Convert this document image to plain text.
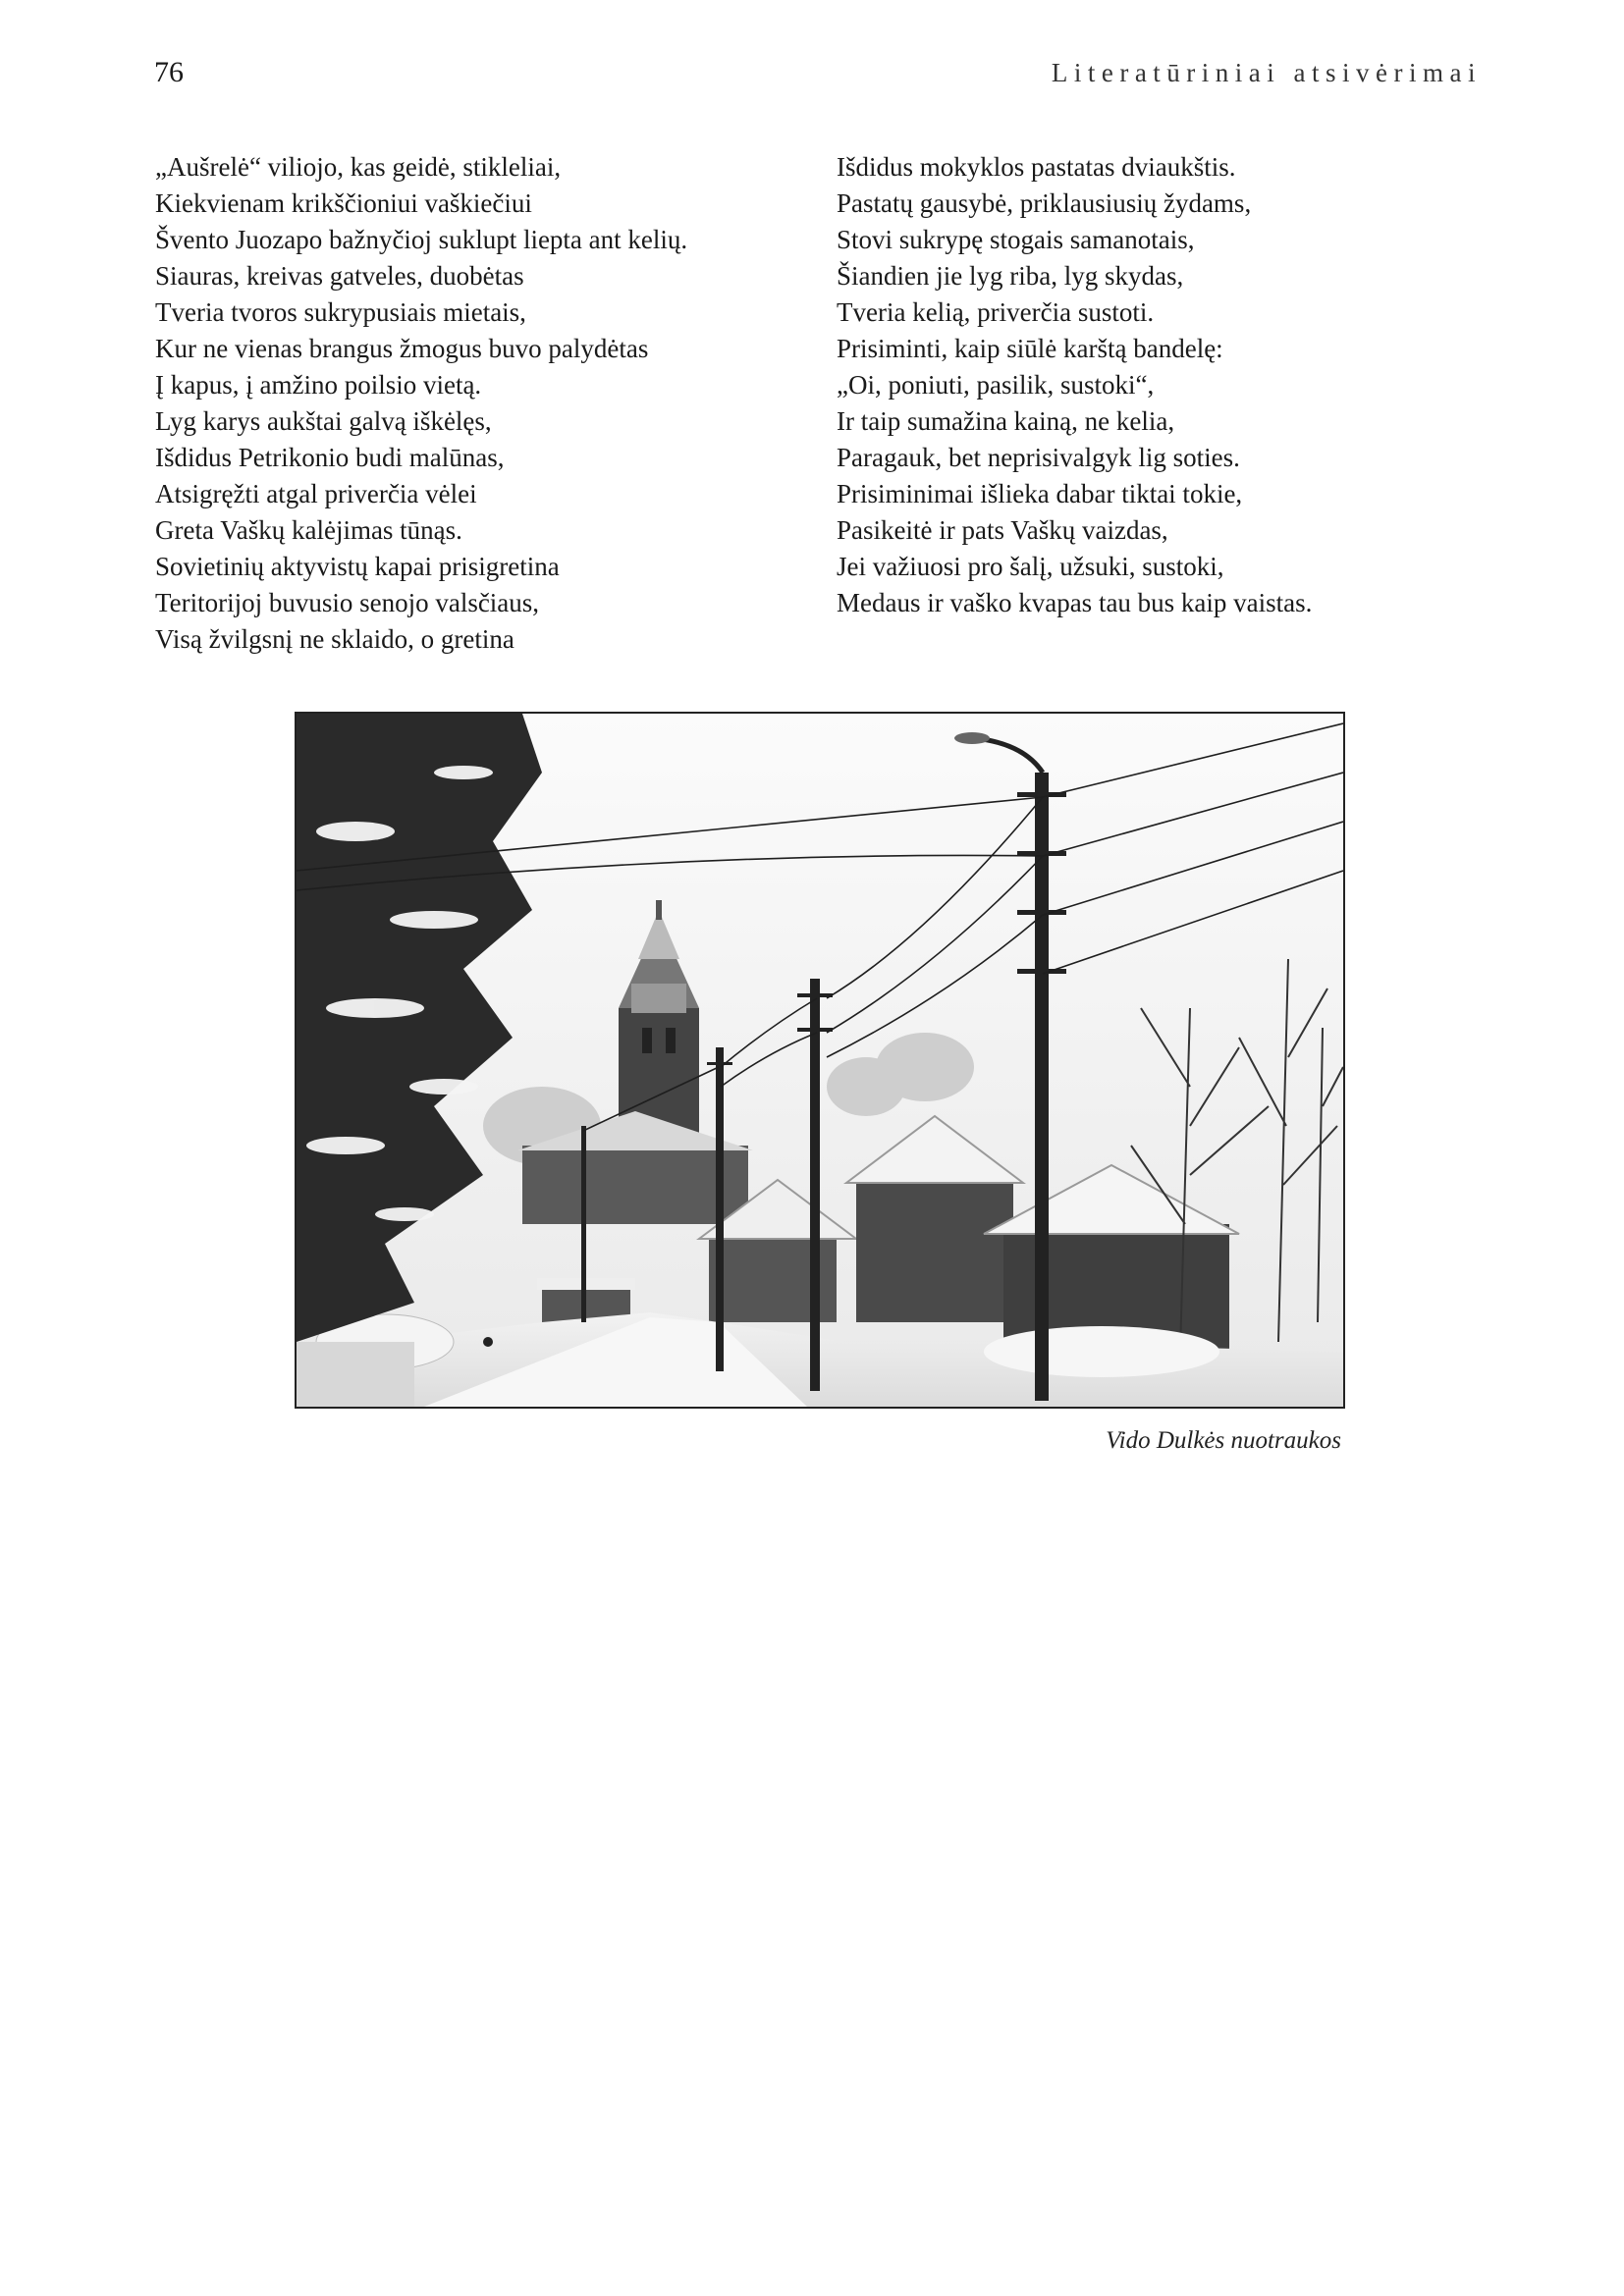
76	Literatūriniai atsivėrimai
„Aušrelė“ viliojo, kas geidė, stikleliai,
Kiekvienam krikščioniui vaškiečiui
Švento Juozapo bažnyčioj suklupt liepta ant kelių.
Siauras, kreivas gatveles, duobėtas
Tveria tvoros sukrypusiais mietais,
Kur ne vienas brangus žmogus buvo palydėtas
Į kapus, į amžino poilsio vietą.
Lyg karys aukštai galvą iškėlęs,
Išdidus Petrikonio budi malūnas,
Atsigręžti atgal priverčia vėlei
Greta Vaškų kalėjimas tūnąs.
Sovietinių aktyvistų kapai prisigretina
Teritorijoj buvusio senojo valsčiaus,
Visą žvilgsnį ne sklaido, o gretina
Išdidus mokyklos pastatas dviaukštis.
Pastatų gausybė, priklausiusių žydams,
Stovi sukrypę stogais samanotais,
Šiandien jie lyg riba, lyg skydas,
Tveria kelią, priverčia sustoti.
Prisiminti, kaip siūlė karštą bandelę:
„Oi, poniuti, pasilik, sustoki“,
Ir taip sumažina kainą, ne kelia,
Paragauk, bet neprisivalgyk lig soties.
Prisiminimai išlieka dabar tiktai tokie,
Pasikeitė ir pats Vaškų vaizdas,
Jei važiuosi pro šalį, užsuki, sustoki,
Medaus ir vaško kvapas tau bus kaip vaistas.
Vido Dulkės nuotraukos
